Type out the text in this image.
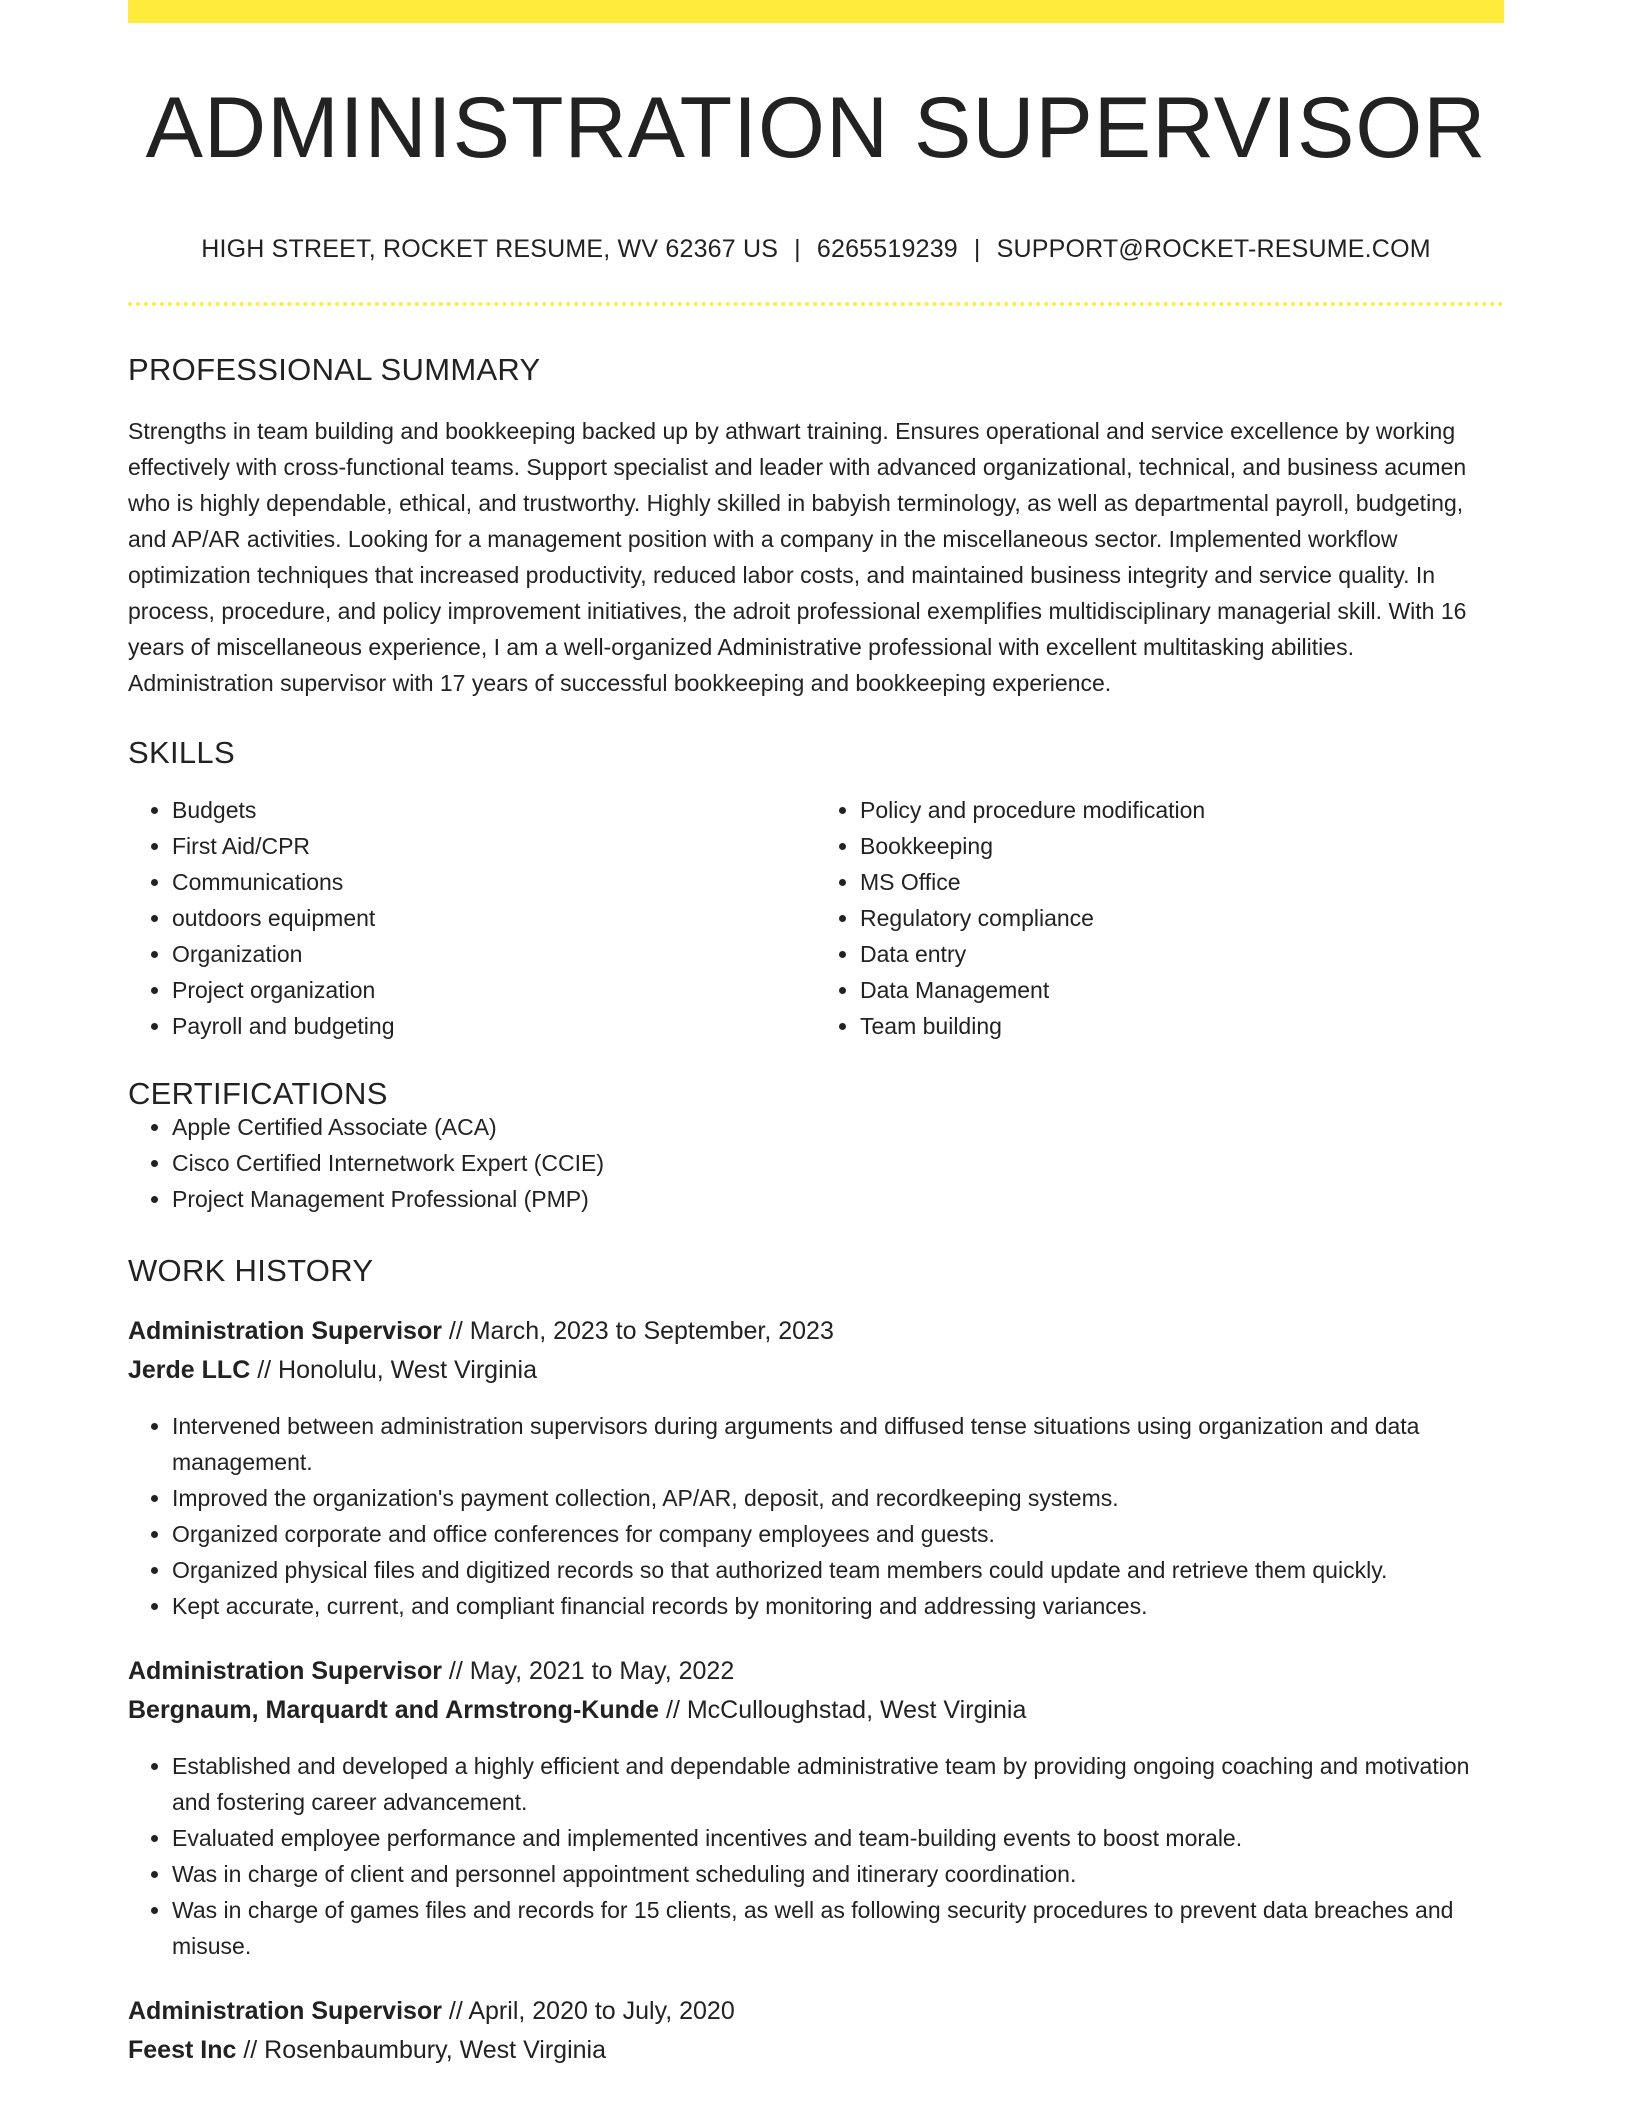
ADMINISTRATION SUPERVISOR
HIGH STREET, ROCKET RESUME, WV 62367 US | 6265519239 | SUPPORT@ROCKET-RESUME.COM
PROFESSIONAL SUMMARY
Strengths in team building and bookkeeping backed up by athwart training. Ensures operational and service excellence by working effectively with cross-functional teams. Support specialist and leader with advanced organizational, technical, and business acumen who is highly dependable, ethical, and trustworthy. Highly skilled in babyish terminology, as well as departmental payroll, budgeting, and AP/AR activities. Looking for a management position with a company in the miscellaneous sector. Implemented workflow optimization techniques that increased productivity, reduced labor costs, and maintained business integrity and service quality. In process, procedure, and policy improvement initiatives, the adroit professional exemplifies multidisciplinary managerial skill. With 16 years of miscellaneous experience, I am a well-organized Administrative professional with excellent multitasking abilities. Administration supervisor with 17 years of successful bookkeeping and bookkeeping experience.
SKILLS
• Budgets
• First Aid/CPR
• Communications
• outdoors equipment
• Organization
• Project organization
• Payroll and budgeting
• Policy and procedure modification
• Bookkeeping
• MS Office
• Regulatory compliance
• Data entry
• Data Management
• Team building
CERTIFICATIONS
• Apple Certified Associate (ACA)
• Cisco Certified Internetwork Expert (CCIE)
• Project Management Professional (PMP)
WORK HISTORY
Administration Supervisor // March, 2023 to September, 2023
Jerde LLC // Honolulu, West Virginia
• Intervened between administration supervisors during arguments and diffused tense situations using organization and data management.
• Improved the organization's payment collection, AP/AR, deposit, and recordkeeping systems.
• Organized corporate and office conferences for company employees and guests.
• Organized physical files and digitized records so that authorized team members could update and retrieve them quickly.
• Kept accurate, current, and compliant financial records by monitoring and addressing variances.
Administration Supervisor // May, 2021 to May, 2022
Bergnaum, Marquardt and Armstrong-Kunde // McCulloughstad, West Virginia
• Established and developed a highly efficient and dependable administrative team by providing ongoing coaching and motivation and fostering career advancement.
• Evaluated employee performance and implemented incentives and team-building events to boost morale.
• Was in charge of client and personnel appointment scheduling and itinerary coordination.
• Was in charge of games files and records for 15 clients, as well as following security procedures to prevent data breaches and misuse.
Administration Supervisor // April, 2020 to July, 2020
Feest Inc // Rosenbaumbury, West Virginia
